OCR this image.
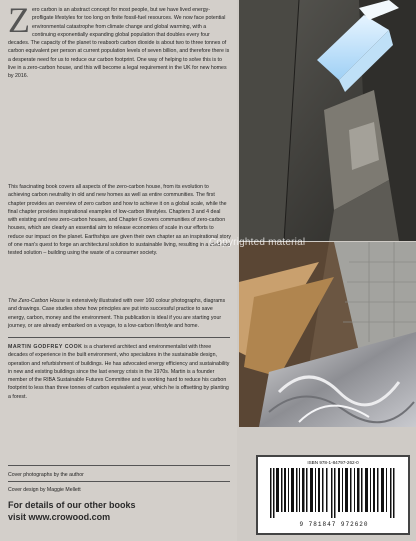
Z ero carbon is an abstract concept for most people, but we have lived energy-profligate lifestyles for too long on finite fossil-fuel resources. We now face potential environmental catastrophe from climate change and global warming, with a continuing exponentially expanding global population that doubles every four decades. The capacity of the planet to reabsorb carbon dioxide is about two to three tonnes of carbon equivalent per person at current population levels of seven billion, and therefore there is a desperate need for us to reduce our carbon footprint. One way of helping to solve this is to live in a zero-carbon house, and this will become a legal requirement in the UK for new homes by 2016.

This fascinating book covers all aspects of the zero-carbon house, from its evolution to achieving carbon neutrality in old and new homes as well as entire communities. The first chapter provides an overview of zero carbon and how to achieve it on a global scale, while the final chapter provides inspirational examples of low-carbon lifestyles. Chapters 3 and 4 deal with existing and new zero-carbon houses, and Chapter 6 covers communities of zero-carbon houses, which are clearly an essential aim to release economies of scale in our efforts to reduce our impact on the planet. Earthships are given their own chapter as an inspirational story of one man's quest to forge an architectural solution to sustainable living, resulting in a tried and tested solution – building using the waste of a consumer society.

The Zero-Carbon House is extensively illustrated with over 160 colour photographs, diagrams and drawings. Case studies show how principles are put into successful practice to save energy, carbon, money and the environment. This publication is ideal if you are starting your journey, or are already embarked on a voyage, to a low-carbon lifestyle and home.

MARTIN GODFREY COOK is a chartered architect and environmentalist with three decades of experience in the built environment, who specializes in the sustainable design, operation and refurbishment of buildings. He has advocated energy efficiency and sustainability in new and existing buildings since the last energy crisis in the 1970s. Martin is a founder member of the RIBA Sustainable Futures Committee and is working hard to reduce his carbon footprint to less than three tonnes of carbon equivalent a year, which he is offsetting by planting a forest.
Cover photographs by the author
Cover design by Maggie Mellett
For details of our other books
visit www.crowood.com
Copyrighted material
ISBN 978-1-84797-262-0
9 781847 972620
